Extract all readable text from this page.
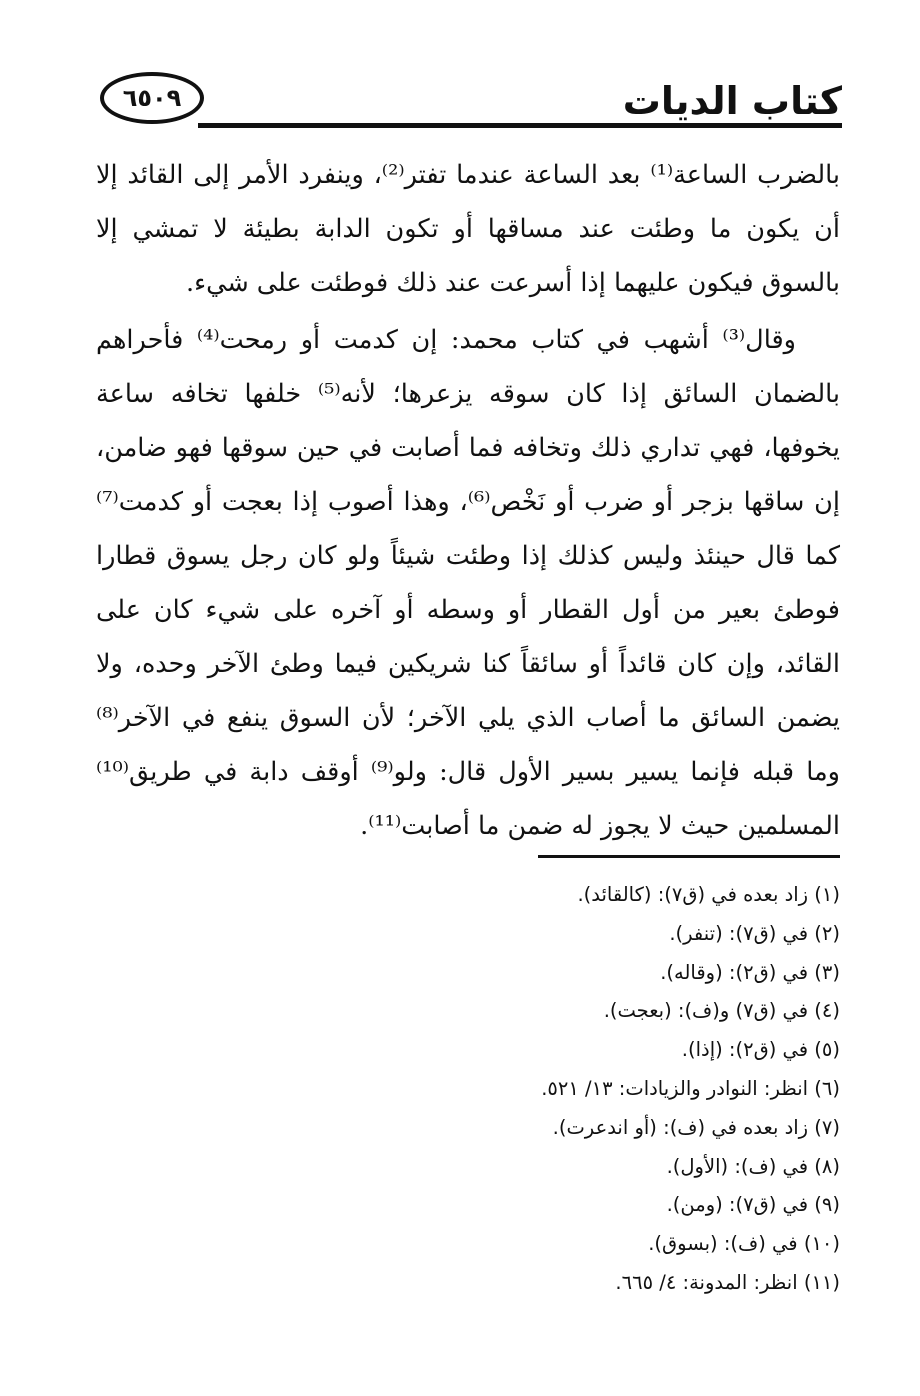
كتاب الديات
٦٥٠٩

بالضرب الساعة⁽¹⁾ بعد الساعة عندما تفتر⁽²⁾، وينفرد الأمر إلى القائد إلا أن يكون ما وطئت عند مساقها أو تكون الدابة بطيئة لا تمشي إلا بالسوق فيكون عليهما إذا أسرعت عند ذلك فوطئت على شيء.

وقال⁽³⁾ أشهب في كتاب محمد: إن كدمت أو رمحت⁽⁴⁾ فأحراهم بالضمان السائق إذا كان سوقه يزعرها؛ لأنه⁽⁵⁾ خلفها تخافه ساعة يخوفها، فهي تداري ذلك وتخافه فما أصابت في حين سوقها فهو ضامن، إن ساقها بزجر أو ضرب أو نَخْص⁽⁶⁾، وهذا أصوب إذا بعجت أو كدمت⁽⁷⁾ كما قال حينئذ وليس كذلك إذا وطئت شيئاً ولو كان رجل يسوق قطارا فوطئ بعير من أول القطار أو وسطه أو آخره على شيء كان على القائد، وإن كان قائداً أو سائقاً كنا شريكين فيما وطئ الآخر وحده، ولا يضمن السائق ما أصاب الذي يلي الآخر؛ لأن السوق ينفع في الآخر⁽⁸⁾ وما قبله فإنما يسير بسير الأول قال: ولو⁽⁹⁾ أوقف دابة في طريق⁽¹⁰⁾ المسلمين حيث لا يجوز له ضمن ما أصابت⁽¹¹⁾.

(١) زاد بعده في (ق٧): (كالقائد).
(٢) في (ق٧): (تنفر).
(٣) في (ق٢): (وقاله).
(٤) في (ق٧) و(ف): (بعجت).
(٥) في (ق٢): (إذا).
(٦) انظر: النوادر والزيادات: ١٣/ ٥٢١.
(٧) زاد بعده في (ف): (أو اندعرت).
(٨) في (ف): (الأول).
(٩) في (ق٧): (ومن).
(١٠) في (ف): (بسوق).
(١١) انظر: المدونة: ٤/ ٦٦٥.
